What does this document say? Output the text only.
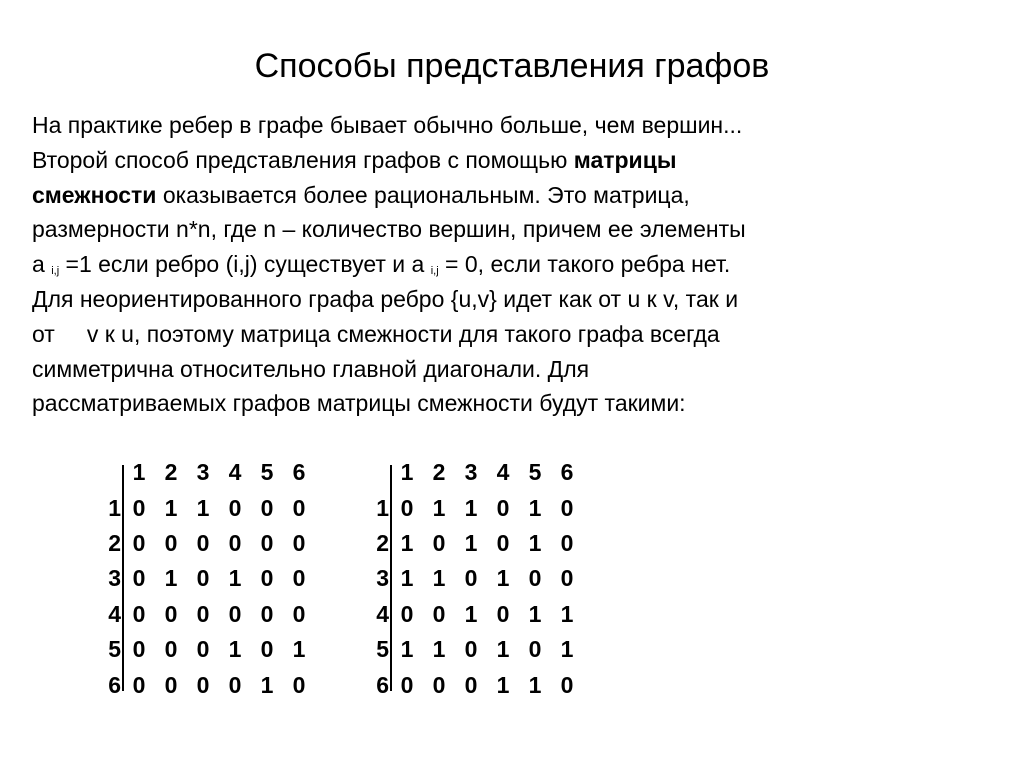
Способы представления графов
На практике ребер в графе бывает обычно больше, чем вершин...
Второй способ представления графов с помощью матрицы
смежности оказывается более рациональным. Это матрица,
размерности n*n, где n – количество вершин, причем ее элементы
а $_{i,j}$ =1 если ребро (i,j) существует и а $_{i,j}$ = 0, если такого ребра нет.
Для неориентированного графа ребро {u,v} идет как от u к v, так и
от v к u, поэтому матрица смежности для такого графа всегда
симметрична относительно главной диагонали. Для
рассматриваемых графов матрицы смежности будут такими:
1 2 3 4 5 6
1 0 1 1 0 0 0
2 0 0 0 0 0 0
3 0 1 0 1 0 0
4 0 0 0 0 0 0
5 0 0 0 1 0 1
6 0 0 0 0 1 0
1 2 3 4 5 6
1 0 1 1 0 1 0
2 1 0 1 0 1 0
3 1 1 0 1 0 0
4 0 0 1 0 1 1
5 1 1 0 1 0 1
6 0 0 0 1 1 0
